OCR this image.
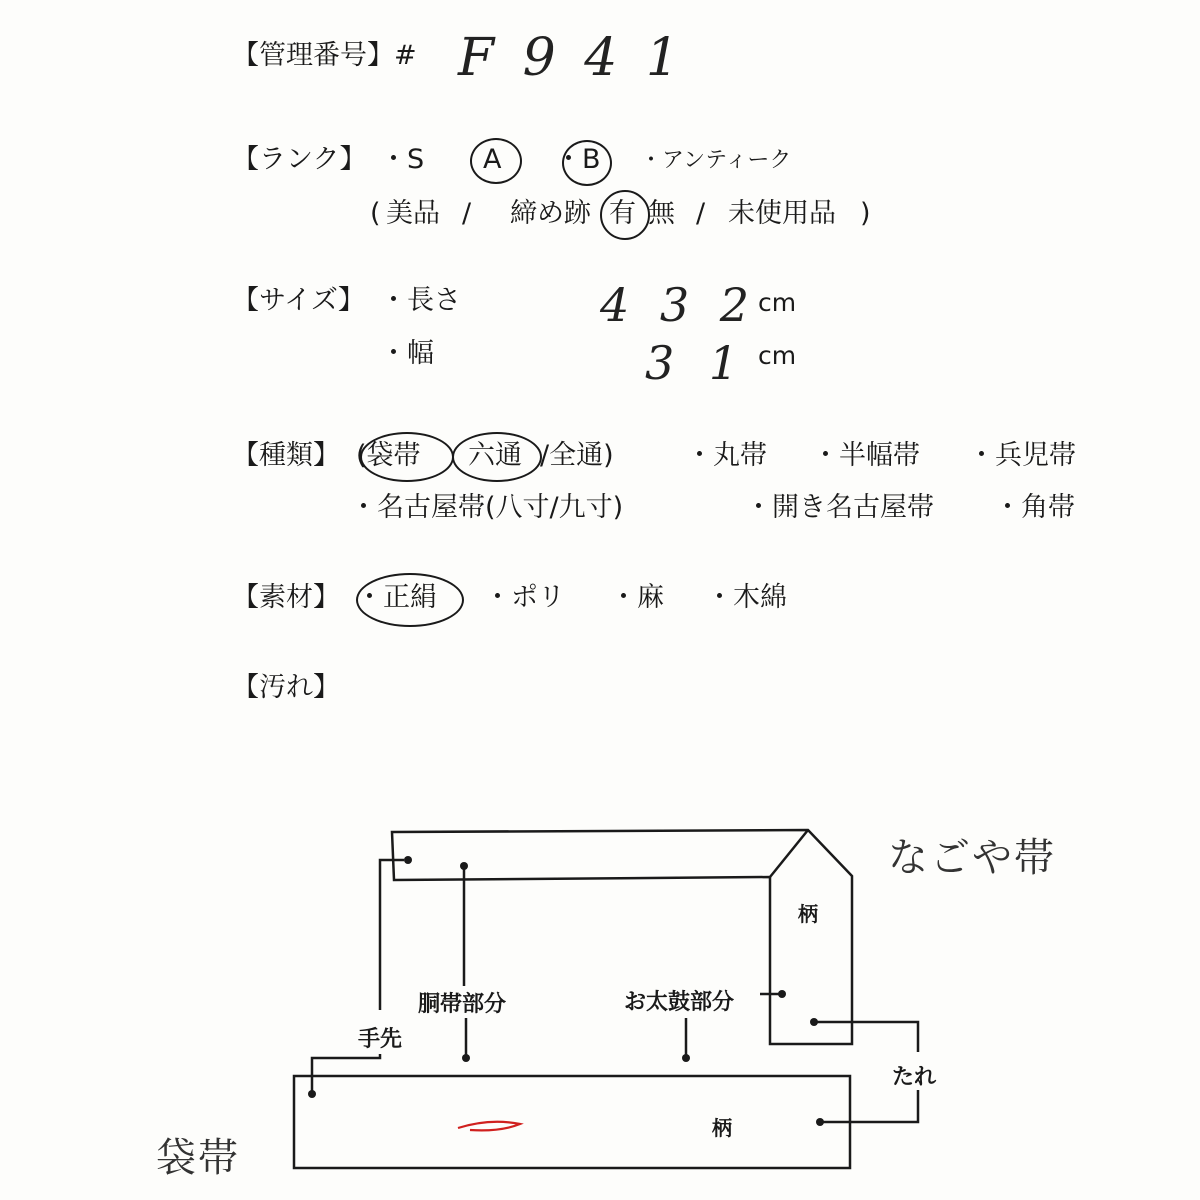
【管理番号】# F 9 4 1
【ランク】 ・S A ・B ・アンティーク
( 美品 / 締め跡 有 無 / 未使用品 )
【サイズ】 ・長さ	4 3 2 cm
・幅	3 1 cm
【種類】 (袋帯 六通 /全通)	・丸帯 ・半幅帯 ・兵児帯
・名古屋帯(八寸/九寸)	・開き名古屋帯 ・角帯
【素材】 ・正絹 ・ポリ ・麻 ・木綿
【汚れ】
なごや帯
袋帯
手先
胴帯部分	お太鼓部分
たれ
柄
柄
